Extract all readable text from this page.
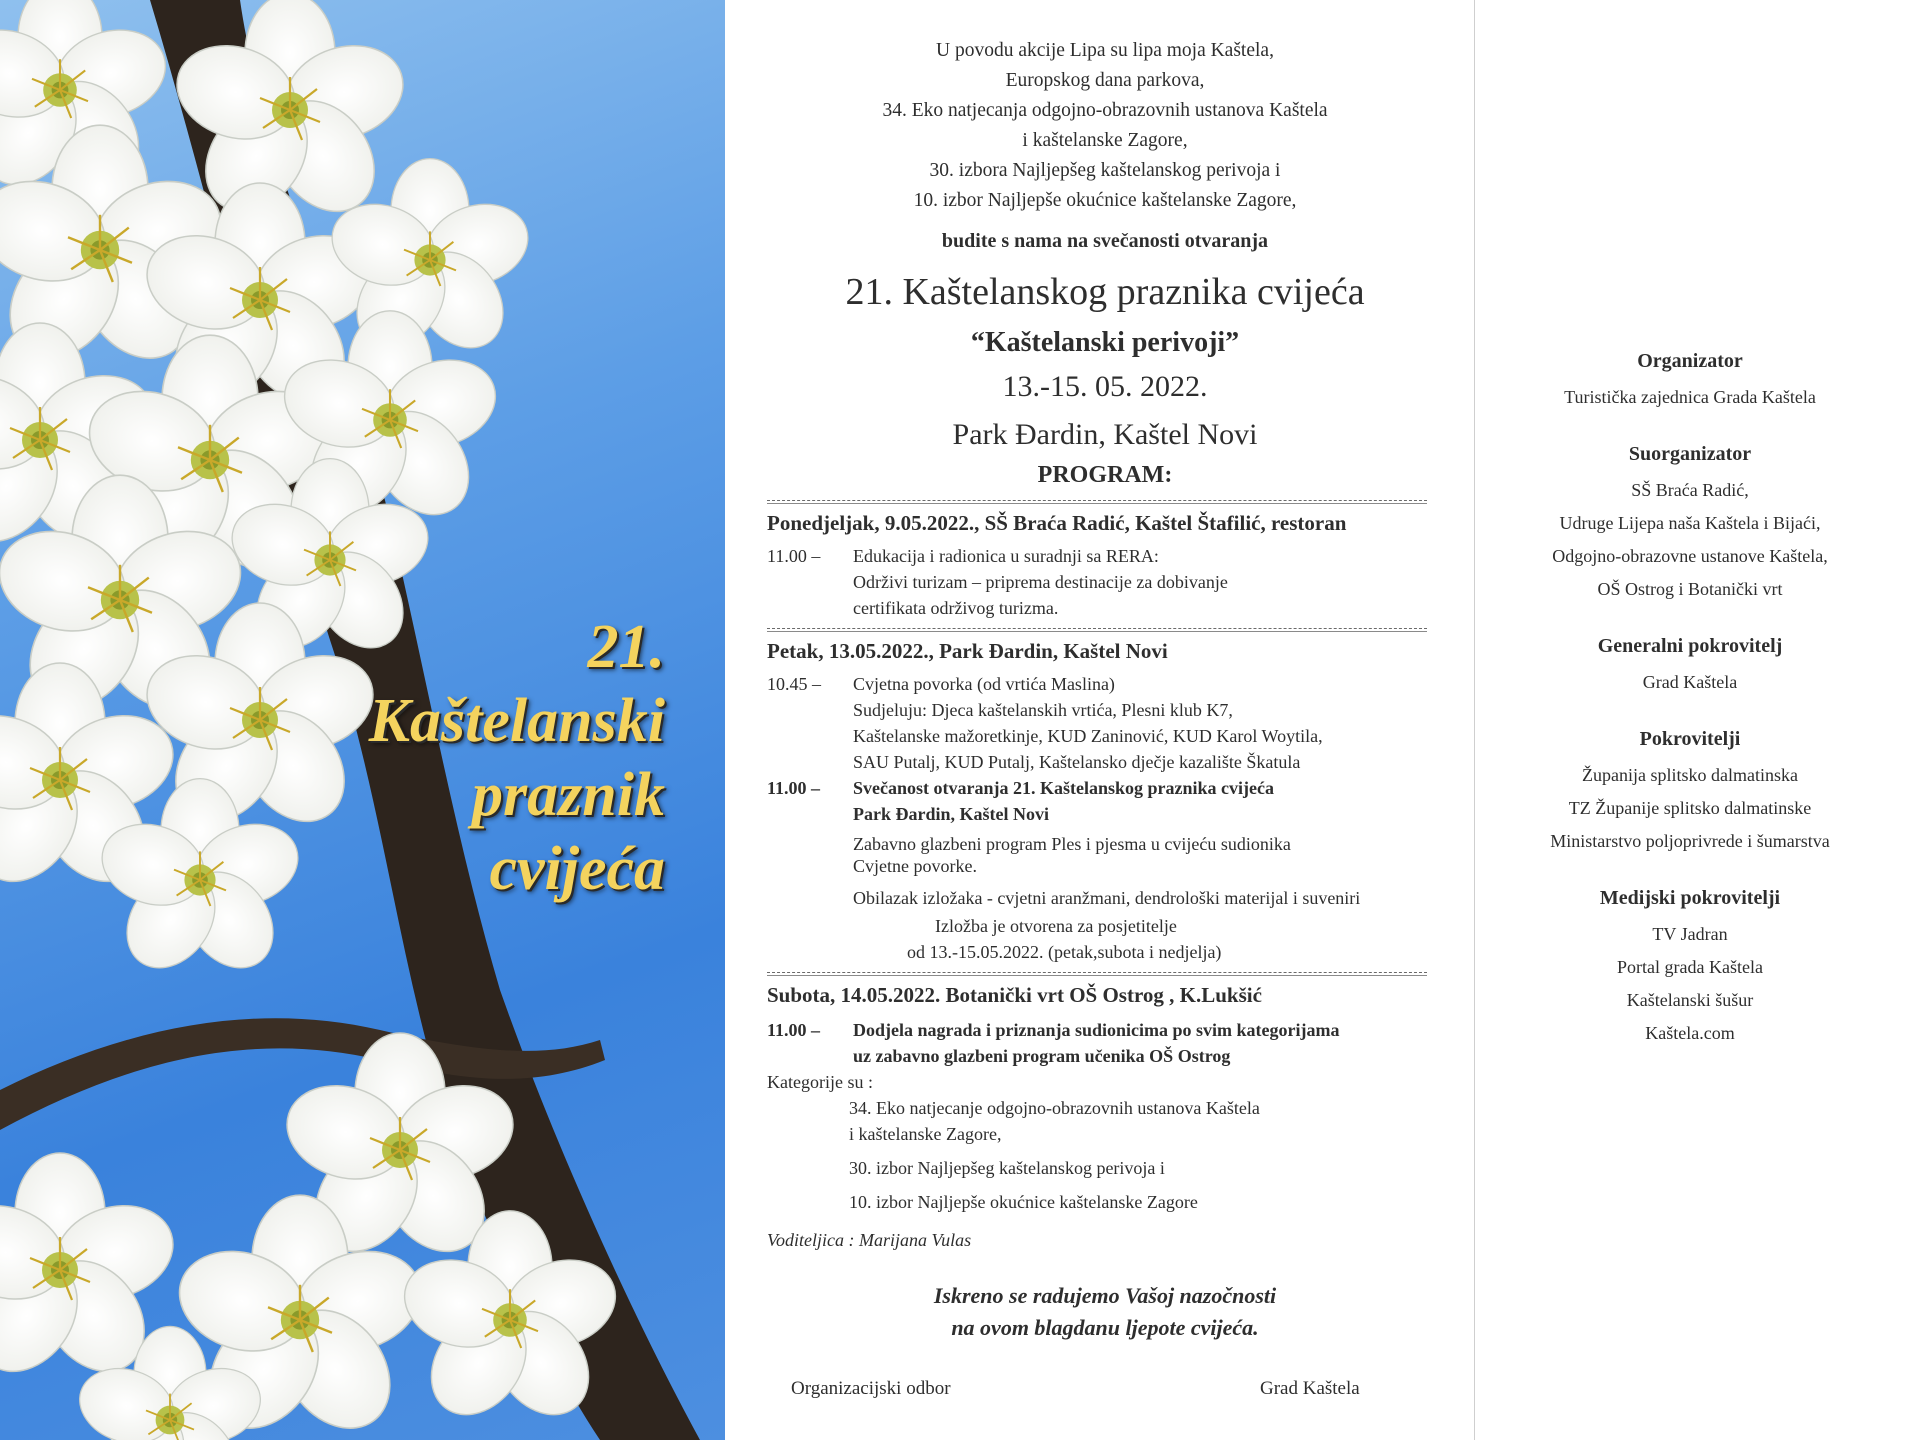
21.
Kaštelanski
praznik
cvijeća
U povodu akcije Lipa su lipa moja Kaštela,
Europskog dana parkova,
34. Eko natjecanja odgojno-obrazovnih ustanova Kaštela
i kaštelanske Zagore,
30. izbora Najljepšeg kaštelanskog perivoja i
10. izbor Najljepše okućnice kaštelanske Zagore,
budite s nama na svečanosti otvaranja
21. Kaštelanskog praznika cvijeća
“Kaštelanski perivoji”
13.-15. 05. 2022.
Park Đardin, Kaštel Novi
PROGRAM:
Ponedjeljak, 9.05.2022., SŠ Braća Radić, Kaštel Štafilić, restoran
11.00 – Edukacija i radionica u suradnji sa RERA:
Održivi turizam – priprema destinacije za dobivanje
certifikata održivog turizma.
Petak, 13.05.2022., Park Đardin, Kaštel Novi
10.45 – Cvjetna povorka (od vrtića Maslina)
Sudjeluju: Djeca kaštelanskih vrtića, Plesni klub K7,
Kaštelanske mažoretkinje, KUD Zaninović, KUD Karol Woytila,
SAU Putalj, KUD Putalj, Kaštelansko dječje kazalište Škatula
11.00 – Svečanost otvaranja 21. Kaštelanskog praznika cvijeća
Park Đardin, Kaštel Novi
Zabavno glazbeni program Ples i pjesma u cvijeću sudionika
Cvjetne povorke.
Obilazak izložaka - cvjetni aranžmani, dendrološki materijal i suveniri
Izložba je otvorena za posjetitelje
od 13.-15.05.2022. (petak,subota i nedjelja)
Subota, 14.05.2022. Botanički vrt OŠ Ostrog , K.Lukšić
11.00 – Dodjela nagrada i priznanja sudionicima po svim kategorijama
uz zabavno glazbeni program učenika OŠ Ostrog
Kategorije su :
34. Eko natjecanje odgojno-obrazovnih ustanova Kaštela
i kaštelanske Zagore,
30. izbor Najljepšeg kaštelanskog perivoja i
10. izbor Najljepše okućnice kaštelanske Zagore
Voditeljica : Marijana Vulas
Iskreno se radujemo Vašoj nazočnosti
na ovom blagdanu ljepote cvijeća.
Organizacijski odbor	Grad Kaštela
Organizator
Turistička zajednica Grada Kaštela
Suorganizator
SŠ Braća Radić,
Udruge Lijepa naša Kaštela i Bijaći,
Odgojno-obrazovne ustanove Kaštela,
OŠ Ostrog i Botanički vrt
Generalni pokrovitelj
Grad Kaštela
Pokrovitelji
Županija splitsko dalmatinska
TZ Županije splitsko dalmatinske
Ministarstvo poljoprivrede i šumarstva
Medijski pokrovitelji
TV Jadran
Portal grada Kaštela
Kaštelanski šušur
Kaštela.com
